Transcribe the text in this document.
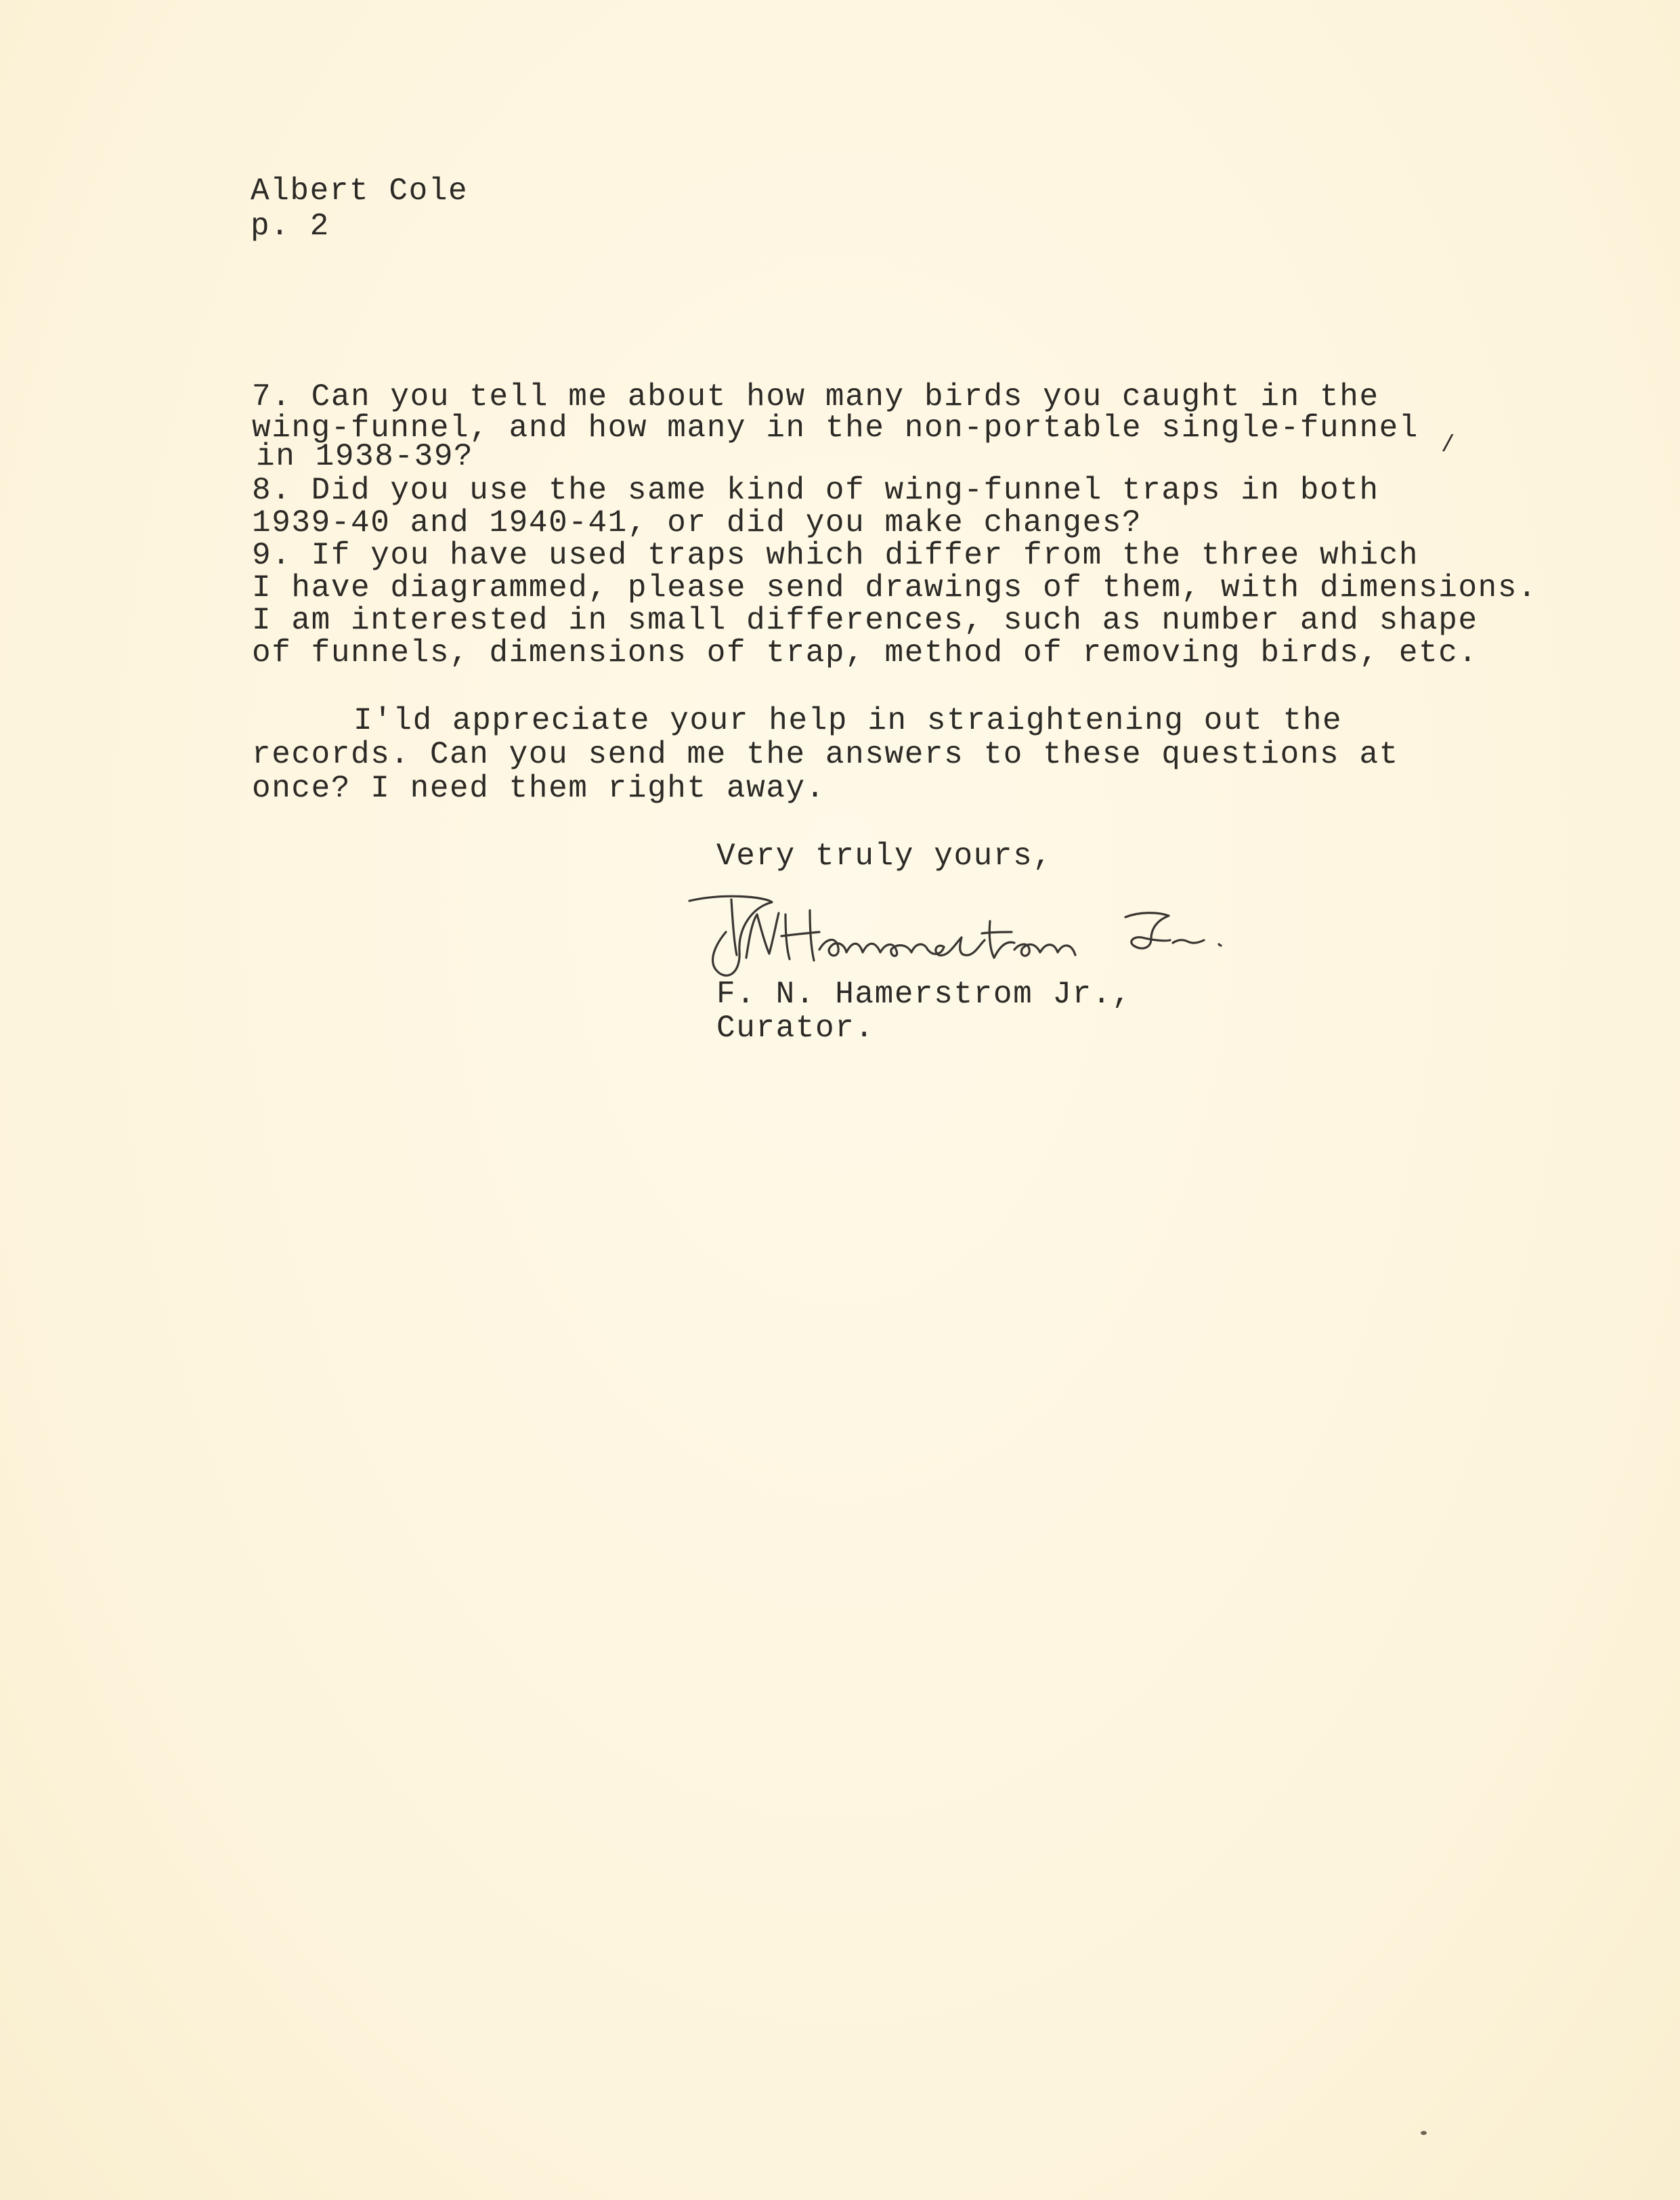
Albert Cole
p. 2
7. Can you tell me about how many birds you caught in the
wing-funnel, and how many in the non-portable single-funnel
in 1938-39?	/
8. Did you use the same kind of wing-funnel traps in both
1939-40 and 1940-41, or did you make changes?
9. If you have used traps which differ from the three which
I have diagrammed, please send drawings of them, with dimensions.
I am interested in small differences, such as number and shape
of funnels, dimensions of trap, method of removing birds, etc.
I'ld appreciate your help in straightening out the
records. Can you send me the answers to these questions at
once? I need them right away.
Very truly yours,
F. N. Hamerstrom Jr.,
Curator.
